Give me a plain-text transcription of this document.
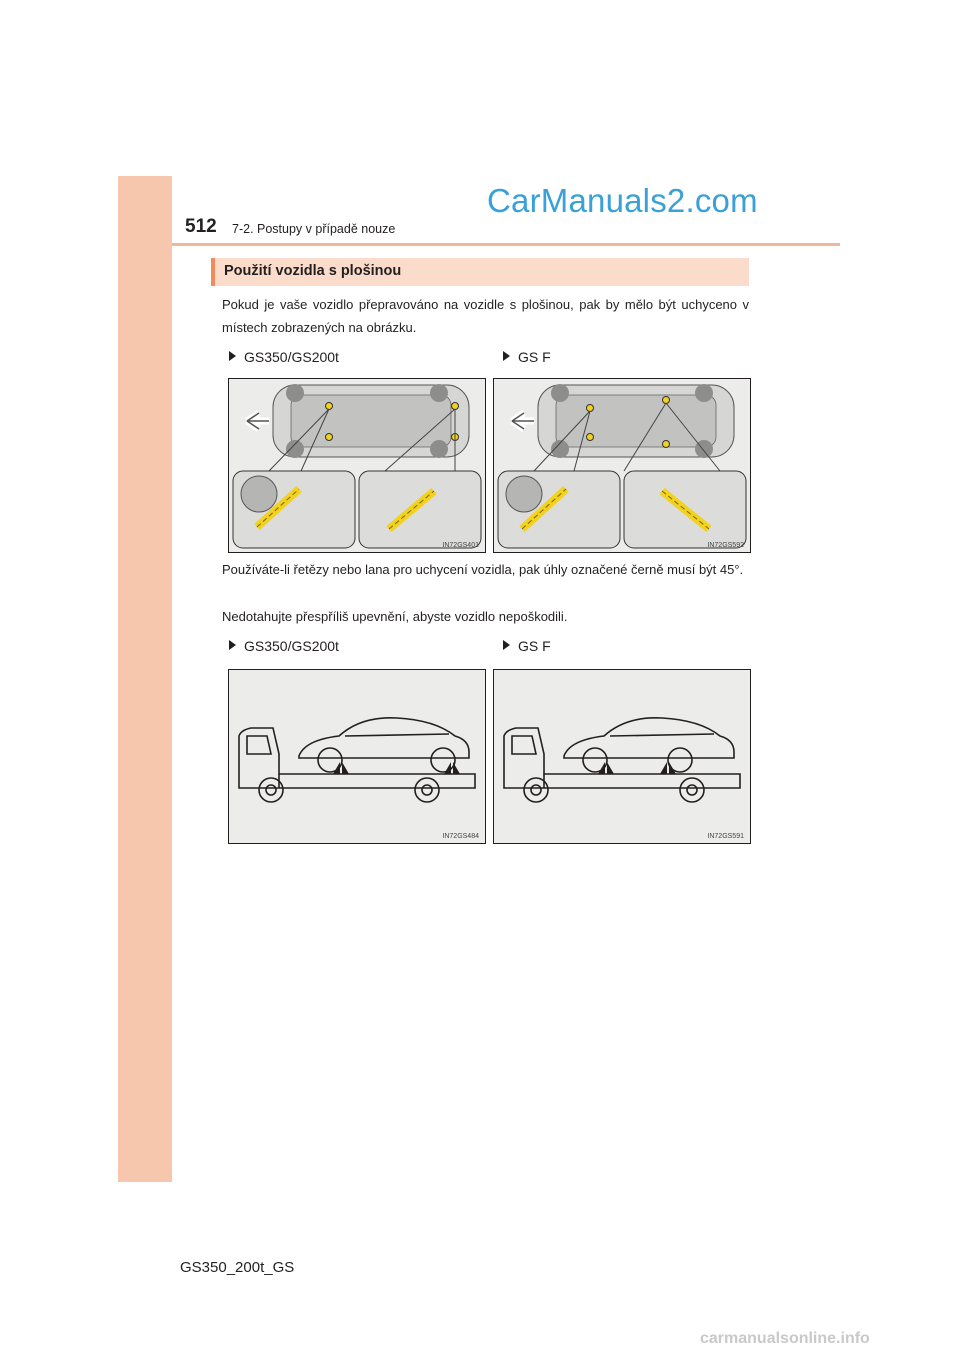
512 7-2. Postupy v případě nouze
CarManuals2.com
Použití vozidla s plošinou
Pokud je vaše vozidlo přepravováno na vozidle s plošinou, pak by mělo být uchyceno v místech zobrazených na obrázku.
GS350/GS200t	GS F
IN72GS401	IN72GS592
Používáte-li řetězy nebo lana pro uchycení vozidla, pak úhly označené černě musí být 45°.
Nedotahujte přespříliš upevnění, abyste vozidlo nepoškodili.
GS350/GS200t	GS F
IN72GS484	IN72GS591
GS350_200t_GS
carmanualsonline.info
